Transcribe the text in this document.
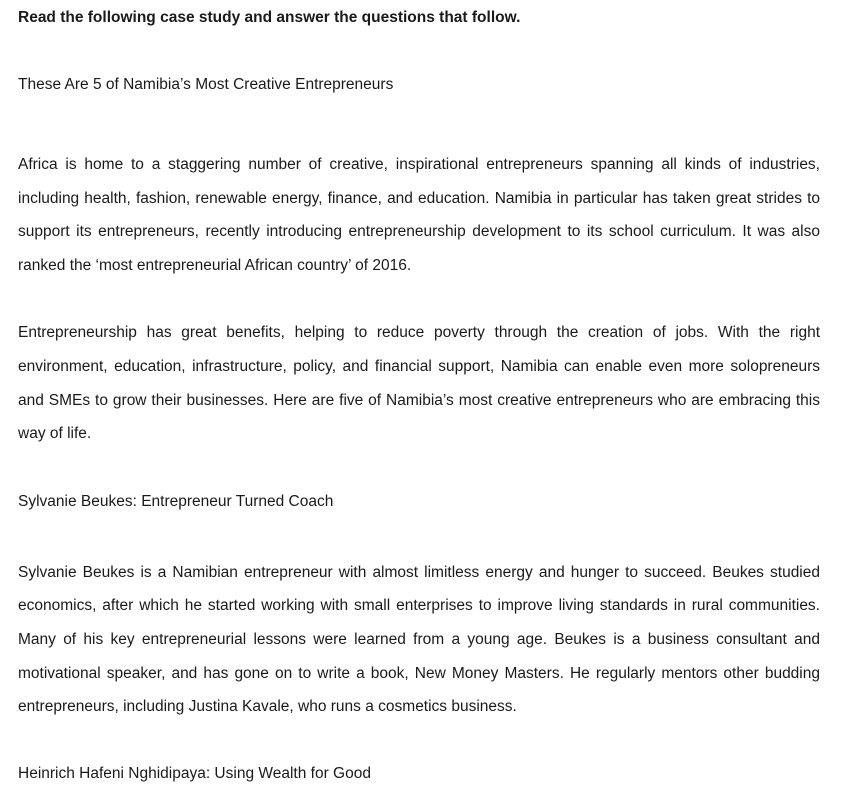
Read the following case study and answer the questions that follow.

These Are 5 of Namibia’s Most Creative Entrepreneurs

Africa is home to a staggering number of creative, inspirational entrepreneurs spanning all kinds of industries, including health, fashion, renewable energy, finance, and education. Namibia in particular has taken great strides to support its entrepreneurs, recently introducing entrepreneurship development to its school curriculum. It was also ranked the ‘most entrepreneurial African country’ of 2016.

Entrepreneurship has great benefits, helping to reduce poverty through the creation of jobs. With the right environment, education, infrastructure, policy, and financial support, Namibia can enable even more solopreneurs and SMEs to grow their businesses. Here are five of Namibia’s most creative entrepreneurs who are embracing this way of life.

Sylvanie Beukes: Entrepreneur Turned Coach

Sylvanie Beukes is a Namibian entrepreneur with almost limitless energy and hunger to succeed. Beukes studied economics, after which he started working with small enterprises to improve living standards in rural communities. Many of his key entrepreneurial lessons were learned from a young age. Beukes is a business consultant and motivational speaker, and has gone on to write a book, New Money Masters. He regularly mentors other budding entrepreneurs, including Justina Kavale, who runs a cosmetics business.

Heinrich Hafeni Nghidipaya: Using Wealth for Good
